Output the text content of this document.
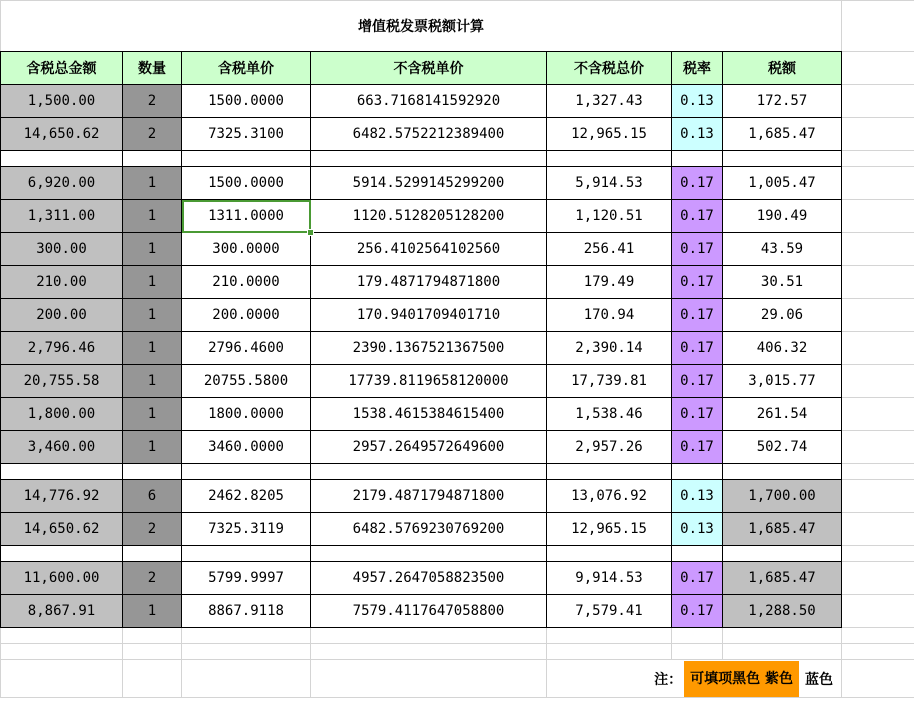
增值税发票税额计算							
含税总金额	数量	含税单价	不含税单价	不含税总价	税率	税额	
1,500.00	2	1500.0000	663.7168141592920	1,327.43	0.13	172.57	
14,650.62	2	7325.3100	6482.5752212389400	12,965.15	0.13	1,685.47	

6,920.00	1	1500.0000	5914.5299145299200	5,914.53	0.17	1,005.47	
1,311.00	1	1311.0000	1120.5128205128200	1,120.51	0.17	190.49	
300.00	1	300.0000	256.4102564102560	256.41	0.17	43.59	
210.00	1	210.0000	179.4871794871800	179.49	0.17	30.51	
200.00	1	200.0000	170.9401709401710	170.94	0.17	29.06	
2,796.46	1	2796.4600	2390.1367521367500	2,390.14	0.17	406.32	
20,755.58	1	20755.5800	17739.8119658120000	17,739.81	0.17	3,015.77	
1,800.00	1	1800.0000	1538.4615384615400	1,538.46	0.17	261.54	
3,460.00	1	3460.0000	2957.2649572649600	2,957.26	0.17	502.74	

14,776.92	6	2462.8205	2179.4871794871800	13,076.92	0.13	1,700.00	
14,650.62	2	7325.3119	6482.5769230769200	12,965.15	0.13	1,685.47	

11,600.00	2	5799.9997	4957.2647058823500	9,914.53	0.17	1,685.47	
8,867.91	1	8867.9118	7579.4117647058800	7,579.41	0.17	1,288.50	

				注： 可填项黑色 紫色 蓝色			
